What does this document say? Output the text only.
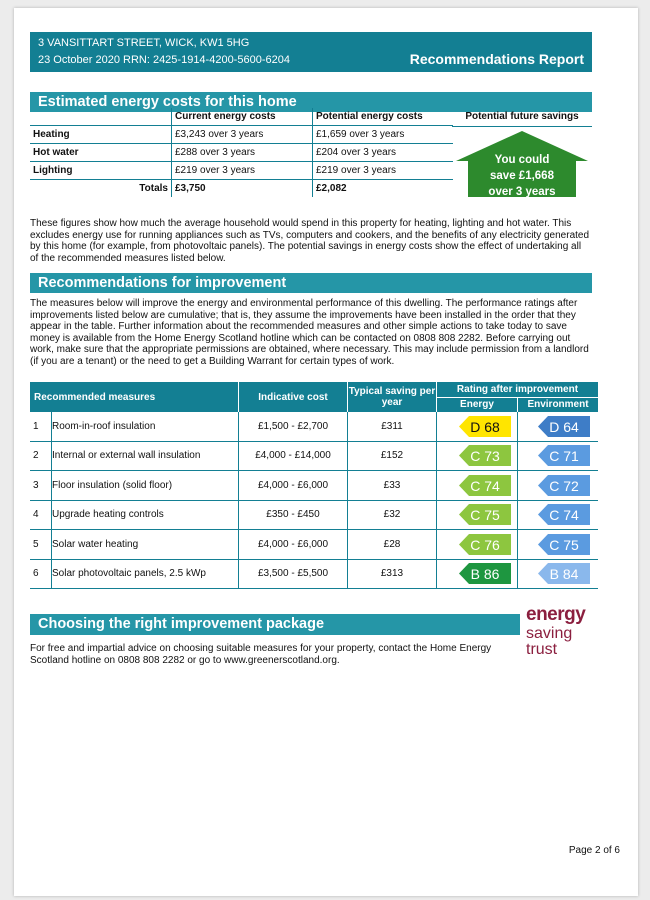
3 VANSITTART STREET, WICK, KW1 5HG
23 October 2020 RRN: 2425-1914-4200-5600-6204	Recommendations Report
Estimated energy costs for this home
	Current energy costs	Potential energy costs
Heating	£3,243 over 3 years	£1,659 over 3 years
Hot water	£288 over 3 years	£204 over 3 years
Lighting	£219 over 3 years	£219 over 3 years
Totals	£3,750	£2,082
Potential future savings
You could
save £1,668
over 3 years
These figures show how much the average household would spend in this property for heating, lighting and hot water. This excludes energy use for running appliances such as TVs, computers and cookers, and the benefits of any electricity generated by this home (for example, from photovoltaic panels). The potential savings in energy costs show the effect of undertaking all of the recommended measures listed below.
Recommendations for improvement
The measures below will improve the energy and environmental performance of this dwelling. The performance ratings after improvements listed below are cumulative; that is, they assume the improvements have been installed in the order that they appear in the table. Further information about the recommended measures and other simple actions to take today to save money is available from the Home Energy Scotland hotline which can be contacted on 0808 808 2282. Before carrying out work, make sure that the appropriate permissions are obtained, where necessary. This may include permission from a landlord (if you are a tenant) or the need to get a Building Warrant for certain types of work.
Recommended measures		Indicative cost	Typical saving per year	Rating after improvement	
				Energy	Environment
1	Room-in-roof insulation	£1,500 - £2,700	£311	D 68	D 64

2	Internal or external wall insulation	£4,000 - £14,000	£152	C 73	C 71

3	Floor insulation (solid floor)	£4,000 - £6,000	£33	C 74	C 72

4	Upgrade heating controls	£350 - £450	£32	C 75	C 74

5	Solar water heating	£4,000 - £6,000	£28	C 76	C 75

6	Solar photovoltaic panels, 2.5 kWp	£3,500 - £5,500	£313	B 86	B 84
Choosing the right improvement package
For free and impartial advice on choosing suitable measures for your property, contact the Home Energy Scotland hotline on 0808 808 2282 or go to www.greenerscotland.org.
energy
saving
trust
Page 2 of 6
